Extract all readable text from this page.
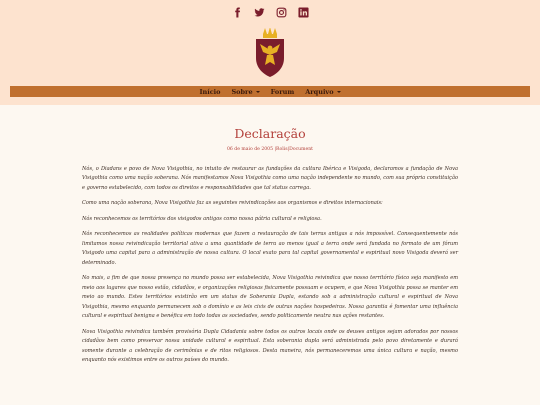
Início Sobre	Forum Arquivo
Declaração
06 de maio de 2005 |Rolis|Document

Nós, o Diadans e povo de Nova Visigothia, no intuito de restaurar as fundações da cultura Ibérica e Visigoda, declaramos a fundação de Nova Visigothia como uma nação soberana. Nós manifestamos Nova Visigothia como uma nação independente no mundo, com sua própria constituição e governo estabelecido, com todos os direitos e responsabilidades que tal status carrega.

Como uma nação soberana, Nova Visigothia faz as seguintes reivindicações aos organismos e direitos internacionais:

Nós reconhecemos os territórios dos visigodos antigos como nossa pátria cultural e religiosa.

Nós reconhecemos as realidades políticas modernas que fazem a restauração de tais terras antigas a nós impossível. Consequentemente nós limitamos nossa reivindicação territorial ativa a uma quantidade de terra ao menos igual a terra onde será fundada no formato de um fórum Visigodo uma capital para a administração de nossa cultura. O local exato para tal capital governamental e espiritual novo Visigoda deverá ser determinado.

No mais, a fim de que nossa presença no mundo possa ser estabelecida, Nova Visigothia reivindica que nosso território físico seja manifesto em meio aos lugares que nosso estão, cidadãos, e organizações religiosas fisicamente possuam e ocupem, e que Nova Visigothia possa se manter em meio ao mundo. Estes territórios existirão em um status de Soberania Dupla, estando sob a administração cultural e espiritual de Nova Visigothia, mesmo enquanto permanecem sob o domínio e as leis civis de outras nações hospedeiras. Nossa garantia é fomentar uma influência cultural e espiritual benigna e benéfica em todo todas as sociedades, sendo politicamente neutra nas ações restantes.

Nova Visigothia reivindica também provisória Dupla Cidadania sobre todos os outros locais onde os deuses antigos sejam adorados por nossos cidadãos bem como preservar nossa unidade cultural e espiritual. Esta soberania dupla será administrada pelo povo diretamente e durará somente durante a celebração de cerimônias e de ritos religiosos. Desta maneira, nós permaneceremos uma única cultura e nação, mesmo enquanto nós existimos entre os outros países do mundo.
